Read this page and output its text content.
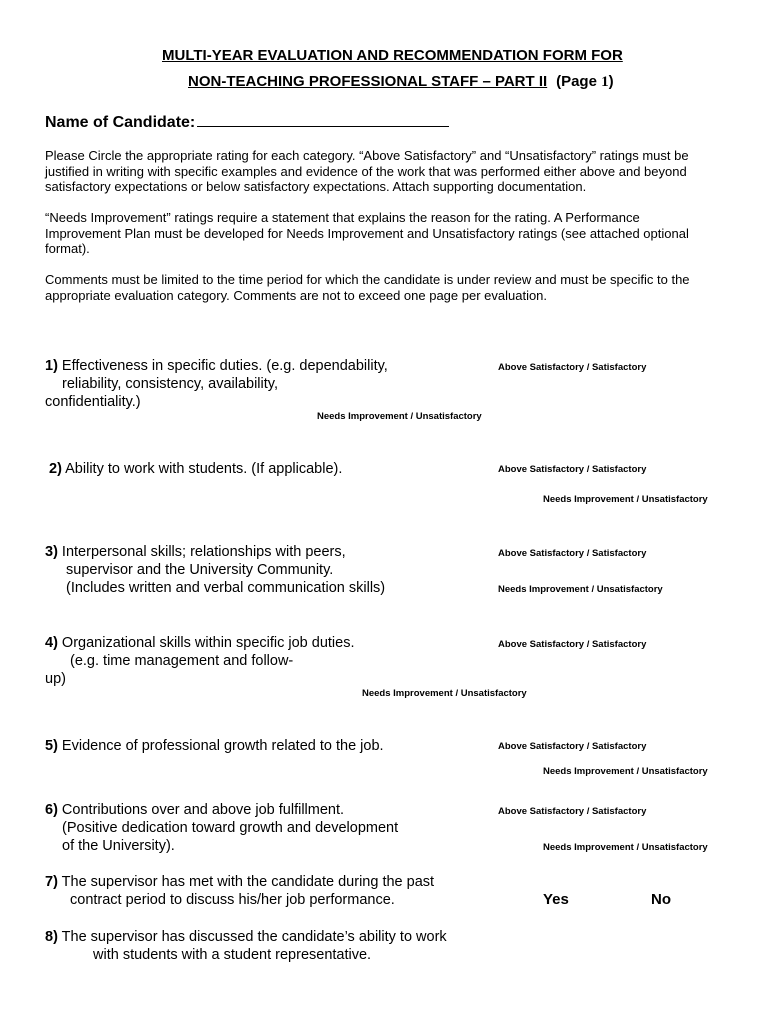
MULTI-YEAR EVALUATION AND RECOMMENDATION FORM FOR
NON-TEACHING PROFESSIONAL STAFF – PART II (Page 1)
Name of Candidate:

Please Circle the appropriate rating for each category. “Above Satisfactory” and “Unsatisfactory” ratings must be

justified in writing with specific examples and evidence of the work that was performed either above and beyond

satisfactory expectations or below satisfactory expectations. Attach supporting documentation.

“Needs Improvement” ratings require a statement that explains the reason for the rating. A Performance

Improvement Plan must be developed for Needs Improvement and Unsatisfactory ratings (see attached optional

format).

Comments must be limited to the time period for which the candidate is under review and must be specific to the

appropriate evaluation category. Comments are not to exceed one page per evaluation.

1) Effectiveness in specific duties. (e.g. dependability,
reliability, consistency, availability,
confidentiality.)
Above Satisfactory / Satisfactory
Needs Improvement / Unsatisfactory
2) Ability to work with students. (If applicable).	Above Satisfactory / Satisfactory
Needs Improvement / Unsatisfactory
3) Interpersonal skills; relationships with peers,
supervisor and the University Community.
(Includes written and verbal communication skills)
Above Satisfactory / Satisfactory
Needs Improvement / Unsatisfactory
4) Organizational skills within specific job duties.
(e.g. time management and follow-
up)
Above Satisfactory / Satisfactory
Needs Improvement / Unsatisfactory
5) Evidence of professional growth related to the job.	Above Satisfactory / Satisfactory
Needs Improvement / Unsatisfactory
6) Contributions over and above job fulfillment.
(Positive dedication toward growth and development
of the University).
Above Satisfactory / Satisfactory
Needs Improvement / Unsatisfactory
7) The supervisor has met with the candidate during the past
contract period to discuss his/her job performance.	Yes	No
8) The supervisor has discussed the candidate’s ability to work
with students with a student representative.
